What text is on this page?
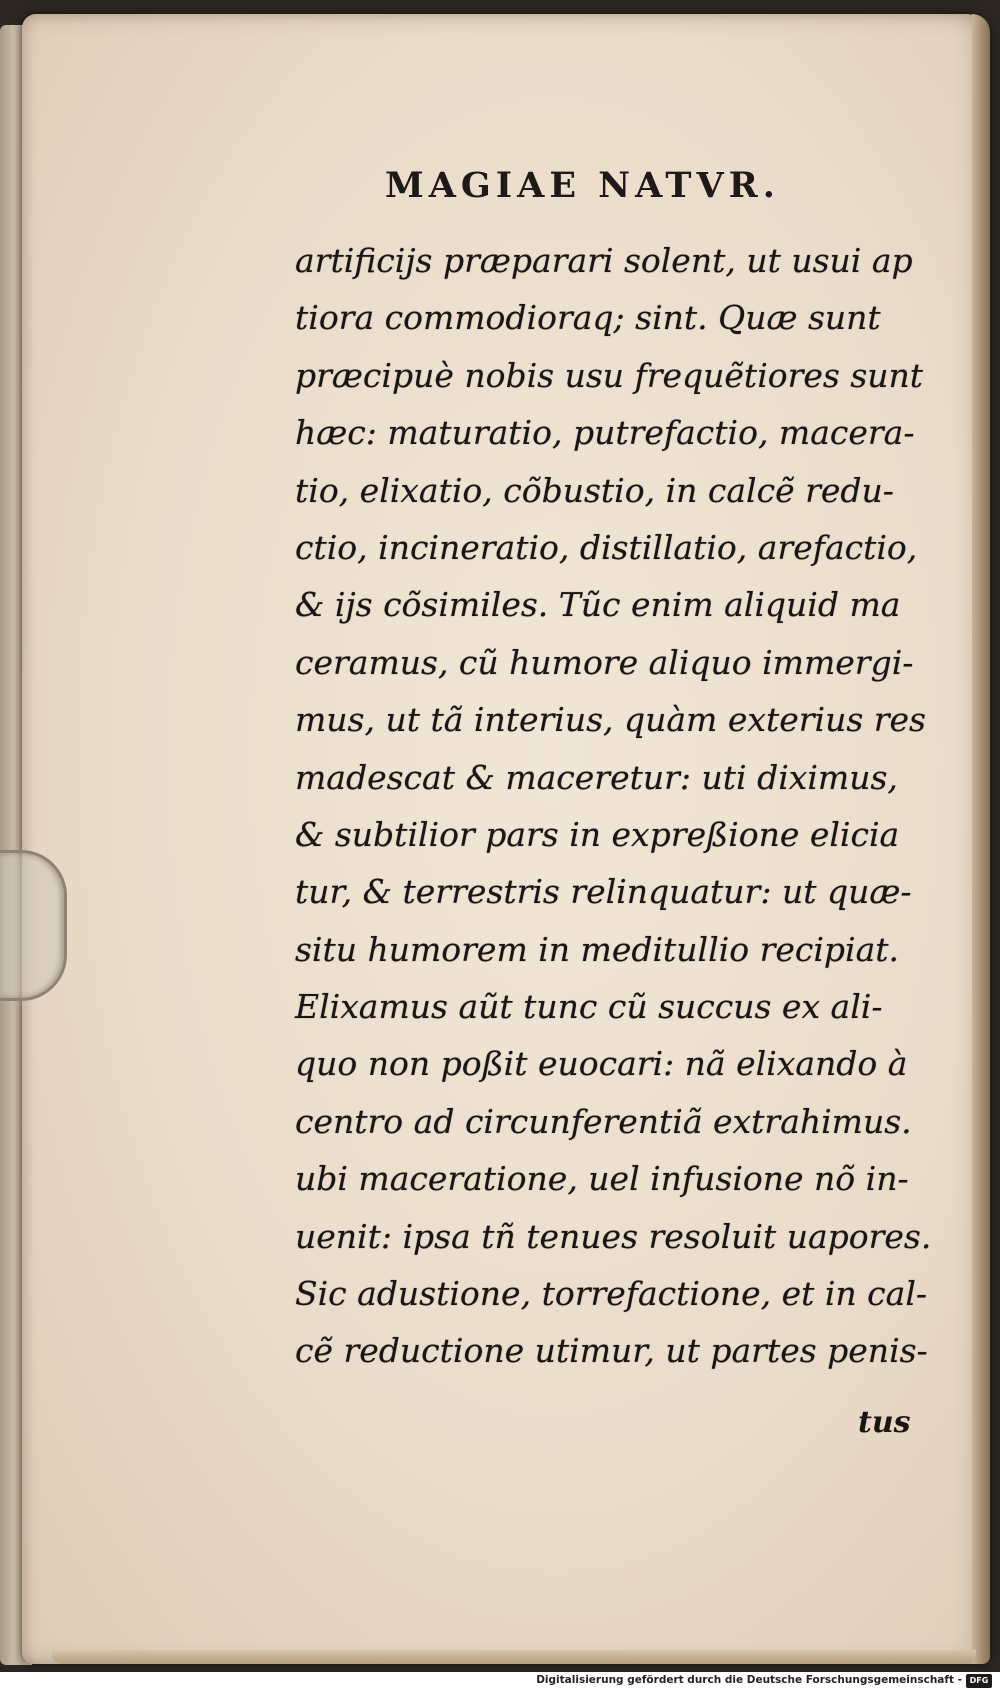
MAGIAE NATVR.
artificijs præparari solent, ut usui ap
tiora commodioraq; sint. Quæ sunt
præcipuè nobis usu frequẽtiores sunt
hæc: maturatio, putrefactio, macera-
tio, elixatio, cõbustio, in calcẽ redu-
ctio, incineratio, distillatio, arefactio,
& ijs cõsimiles. Tũc enim aliquid ma
ceramus, cũ humore aliquo immergi-
mus, ut tã interius, quàm exterius res
madescat & maceretur: uti diximus,
& subtilior pars in expreßione elicia
tur, & terrestris relinquatur: ut quæ-
situ humorem in meditullio recipiat.
Elixamus aũt tunc cũ succus ex ali-
quo non poßit euocari: nã elixando à
centro ad circunferentiã extrahimus.
ubi maceratione, uel infusione nõ in-
uenit: ipsa tñ tenues resoluit uapores.
Sic adustione, torrefactione, et in cal-
cẽ reductione utimur, ut partes penis-
tus
Digitalisierung gefördert durch die Deutsche Forschungsgemeinschaft - DFG
